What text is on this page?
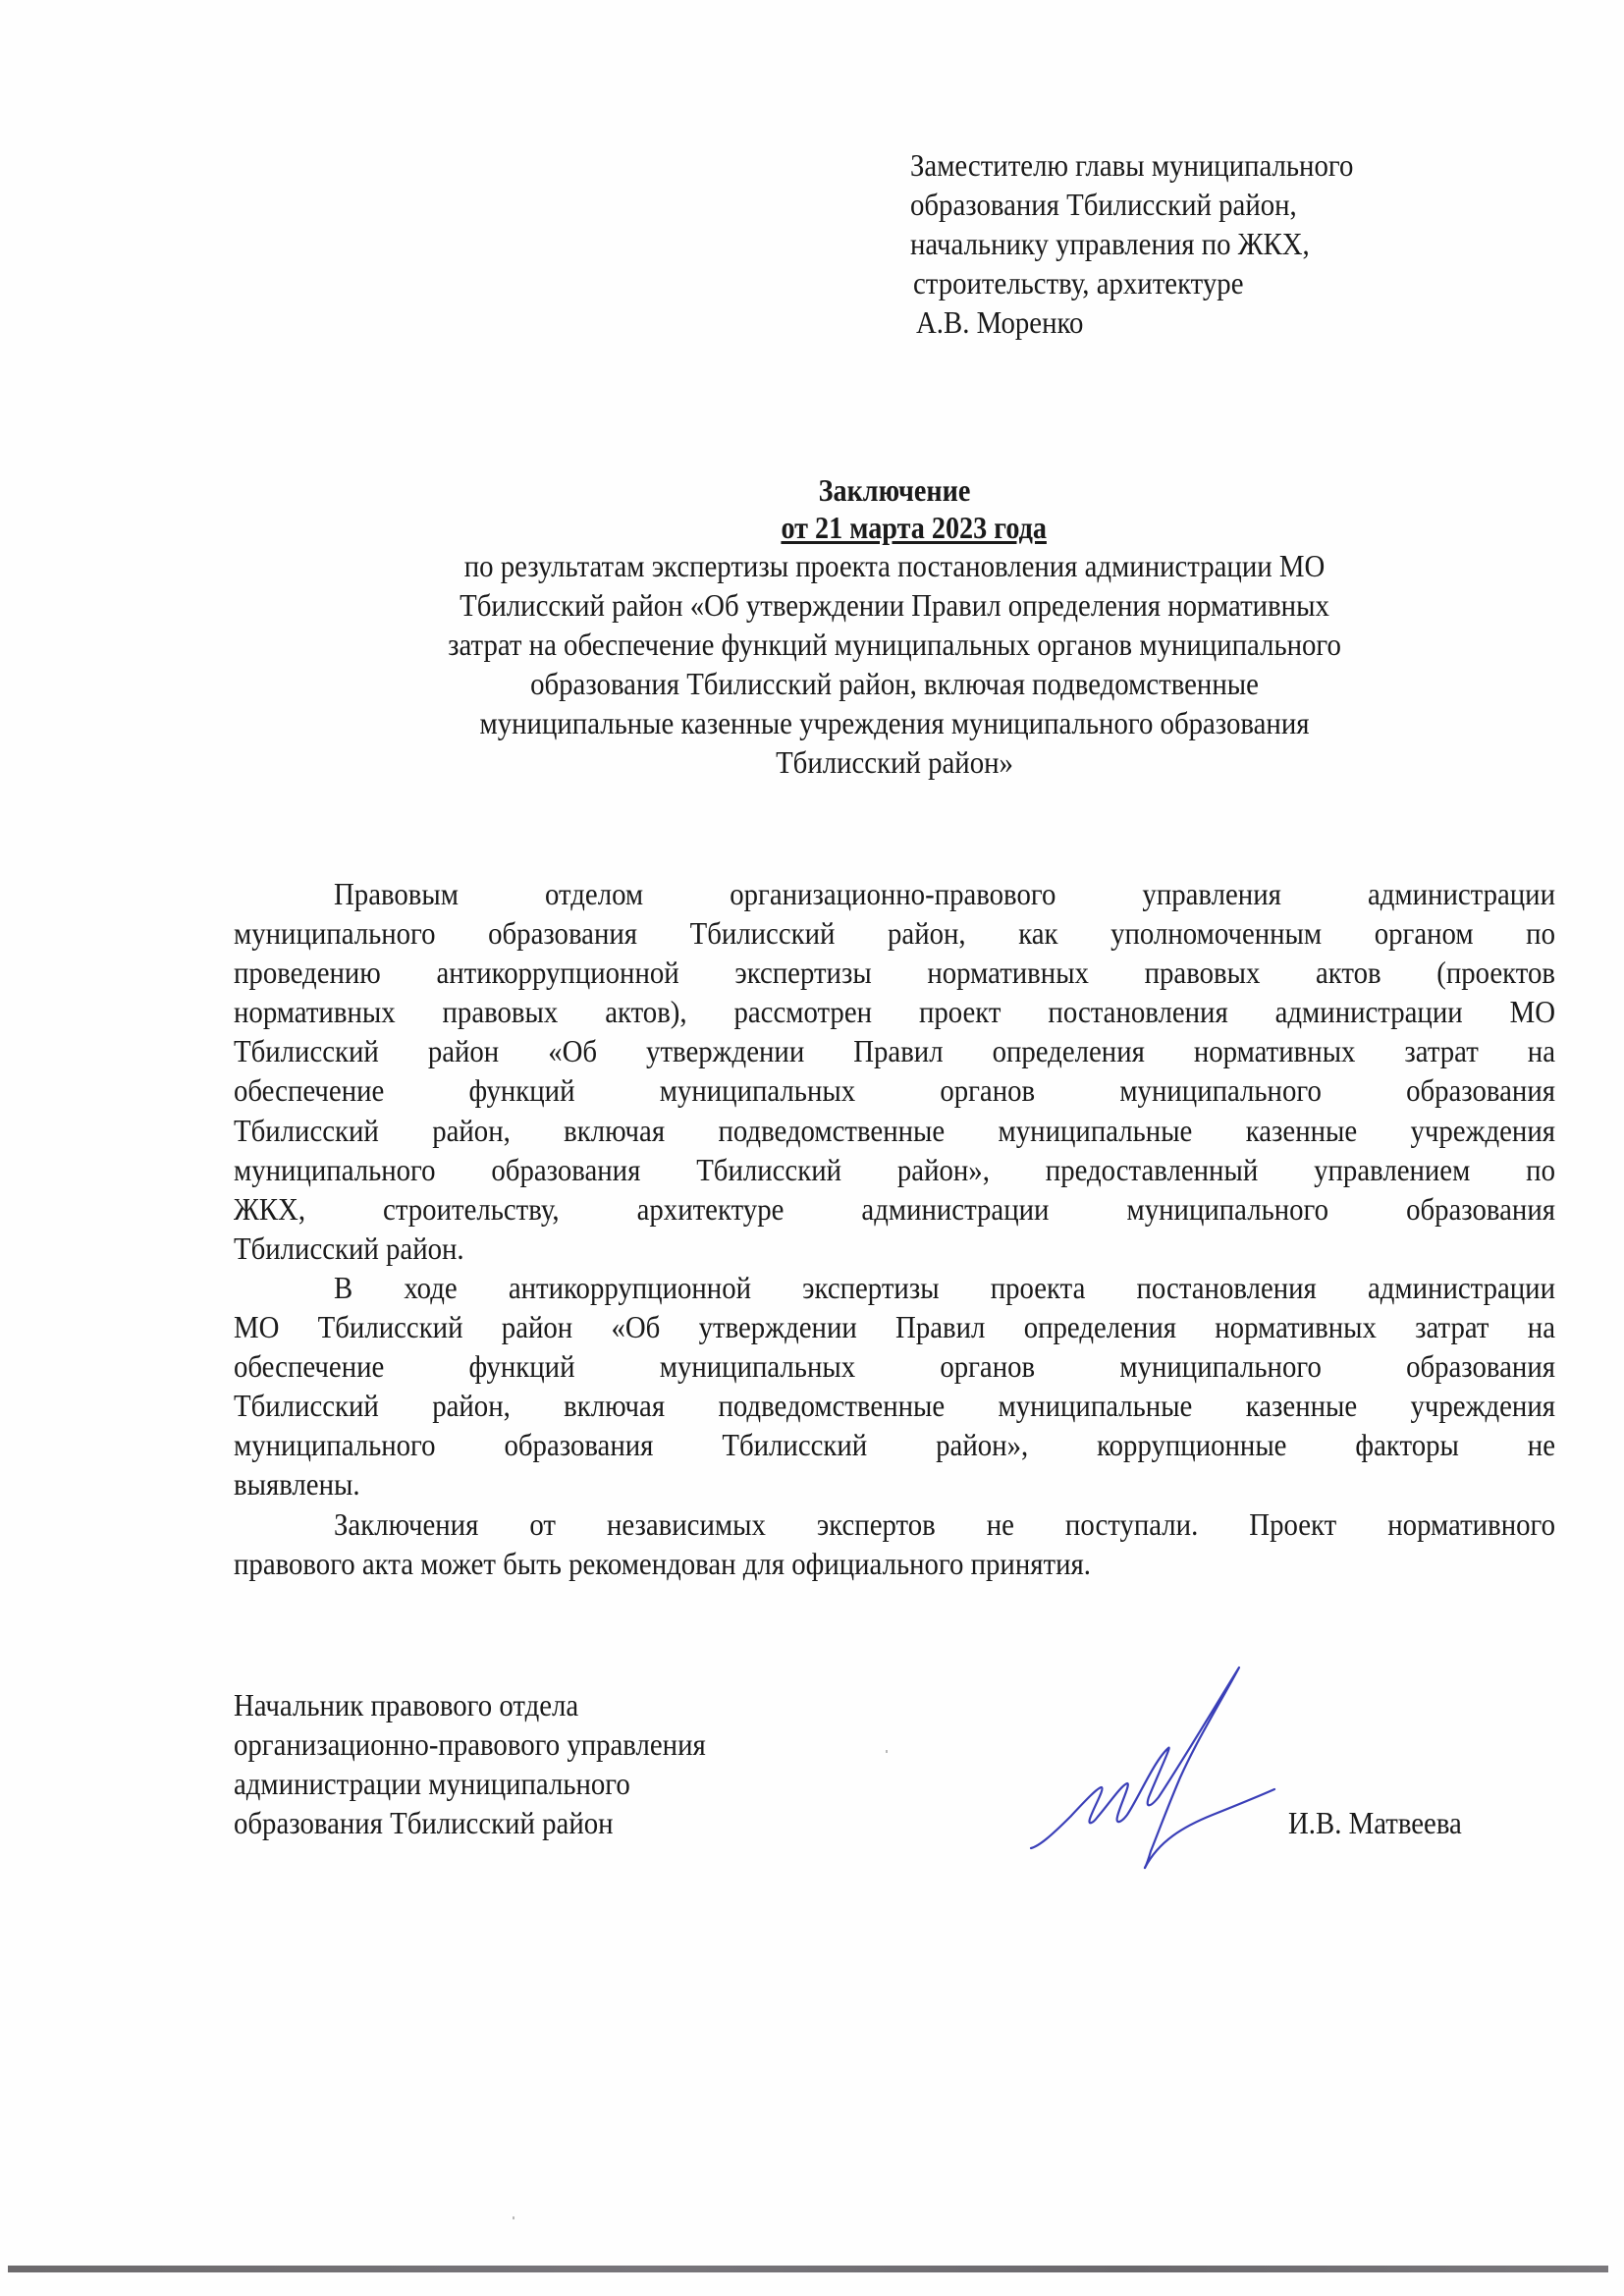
Заместителю главы муниципального
образования Тбилисский район,
начальнику управления по ЖКХ,
строительству, архитектуре
А.В. Моренко
Заключение
от 21 марта 2023 года
по результатам экспертизы проекта постановления администрации МО
Тбилисский район «Об утверждении Правил определения нормативных
затрат на обеспечение функций муниципальных органов муниципального
образования Тбилисский район, включая подведомственные
муниципальные казенные учреждения муниципального образования
Тбилисский район»
Правовым отделом организационно-правового управления администрации
муниципального образования Тбилисский район, как уполномоченным органом по
проведению антикоррупционной экспертизы нормативных правовых актов (проектов
нормативных правовых актов), рассмотрен проект постановления администрации МО
Тбилисский район «Об утверждении Правил определения нормативных затрат на
обеспечение функций муниципальных органов муниципального образования
Тбилисский район, включая подведомственные муниципальные казенные учреждения
муниципального образования Тбилисский район», предоставленный управлением по
ЖКХ, строительству, архитектуре администрации муниципального образования
Тбилисский район.
В ходе антикоррупционной экспертизы проекта постановления администрации
МО Тбилисский район «Об утверждении Правил определения нормативных затрат на
обеспечение функций муниципальных органов муниципального образования
Тбилисский район, включая подведомственные муниципальные казенные учреждения
муниципального образования Тбилисский район», коррупционные факторы не
выявлены.
Заключения от независимых экспертов не поступали. Проект нормативного
правового акта может быть рекомендован для официального принятия.
Начальник правового отдела
организационно-правового управления
администрации муниципального
образования Тбилисский район	И.В. Матвеева
